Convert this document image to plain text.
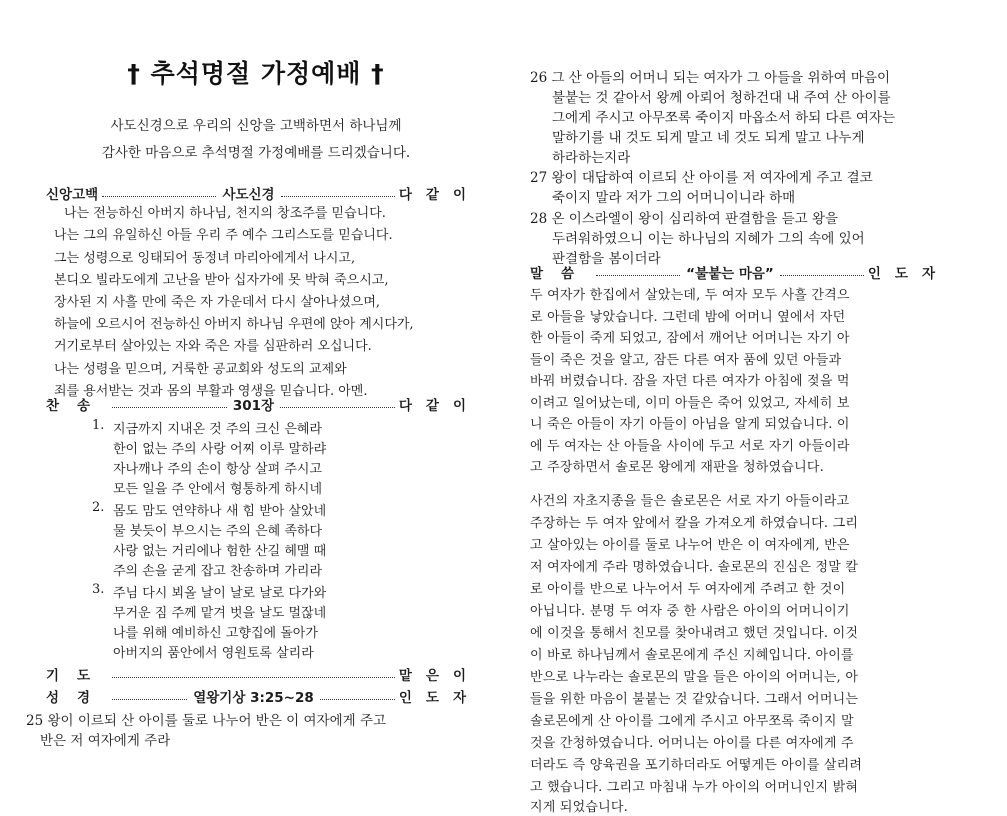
† 추석명절 가정예배 †
사도신경으로 우리의 신앙을 고백하면서 하나님께
감사한 마음으로 추석명절 가정예배를 드리겠습니다.
신앙고백	사도신경	다같이
나는 전능하신 아버지 하나님, 천지의 창조주를 믿습니다.
나는 그의 유일하신 아들 우리 주 예수 그리스도를 믿습니다.
그는 성령으로 잉태되어 동정녀 마리아에게서 나시고,
본디오 빌라도에게 고난을 받아 십자가에 못 박혀 죽으시고,
장사된 지 사흘 만에 죽은 자 가운데서 다시 살아나셨으며,
하늘에 오르시어 전능하신 아버지 하나님 우편에 앉아 계시다가,
거기로부터 살아있는 자와 죽은 자를 심판하러 오십니다.
나는 성령을 믿으며, 거룩한 공교회와 성도의 교제와
죄를 용서받는 것과 몸의 부활과 영생을 믿습니다. 아멘.
찬송	301장	다같이
1. 지금까지 지내온 것 주의 크신 은혜라
한이 없는 주의 사랑 어찌 이루 말하랴
자나깨나 주의 손이 항상 살펴 주시고
모든 일을 주 안에서 형통하게 하시네
2. 몸도 맘도 연약하나 새 힘 받아 살았네
물 붓듯이 부으시는 주의 은혜 족하다
사랑 없는 거리에나 험한 산길 헤맬 때
주의 손을 굳게 잡고 찬송하며 가리라
3. 주님 다시 뵈올 날이 날로 날로 다가와
무거운 짐 주께 맡겨 벗을 날도 멀잖네
나를 위해 예비하신 고향집에 돌아가
아버지의 품안에서 영원토록 살리라
기도	맡은이
성경	열왕기상 3:25~28	인도자
25 왕이 이르되 산 아이를 둘로 나누어 반은 이 여자에게 주고
반은 저 여자에게 주라
26 그 산 아들의 어머니 되는 여자가 그 아들을 위하여 마음이
불붙는 것 같아서 왕께 아뢰어 청하건대 내 주여 산 아이를
그에게 주시고 아무쪼록 죽이지 마옵소서 하되 다른 여자는
말하기를 내 것도 되게 말고 네 것도 되게 말고 나누게
하라하는지라
27 왕이 대답하여 이르되 산 아이를 저 여자에게 주고 결코
죽이지 말라 저가 그의 어머니이니라 하매
28 온 이스라엘이 왕이 심리하여 판결함을 듣고 왕을
두려워하였으니 이는 하나님의 지혜가 그의 속에 있어
판결함을 봄이더라
말씀	“불붙는 마음”	인도자
두 여자가 한집에서 살았는데, 두 여자 모두 사흘 간격으
로 아들을 낳았습니다. 그런데 밤에 어머니 옆에서 자던
한 아들이 죽게 되었고, 잠에서 깨어난 어머니는 자기 아
들이 죽은 것을 알고, 잠든 다른 여자 품에 있던 아들과
바꿔 버렸습니다. 잠을 자던 다른 여자가 아침에 젖을 먹
이려고 일어났는데, 이미 아들은 죽어 있었고, 자세히 보
니 죽은 아들이 자기 아들이 아님을 알게 되었습니다. 이
에 두 여자는 산 아들을 사이에 두고 서로 자기 아들이라
고 주장하면서 솔로몬 왕에게 재판을 청하였습니다.
사건의 자초지종을 들은 솔로몬은 서로 자기 아들이라고
주장하는 두 여자 앞에서 칼을 가져오게 하였습니다. 그리
고 살아있는 아이를 둘로 나누어 반은 이 여자에게, 반은
저 여자에게 주라 명하였습니다. 솔로몬의 진심은 정말 칼
로 아이를 반으로 나누어서 두 여자에게 주려고 한 것이
아닙니다. 분명 두 여자 중 한 사람은 아이의 어머니이기
에 이것을 통해서 친모를 찾아내려고 했던 것입니다. 이것
이 바로 하나님께서 솔로몬에게 주신 지혜입니다. 아이를
반으로 나누라는 솔로몬의 말을 들은 아이의 어머니는, 아
들을 위한 마음이 불붙는 것 같았습니다. 그래서 어머니는
솔로몬에게 산 아이를 그에게 주시고 아무쪼록 죽이지 말
것을 간청하였습니다. 어머니는 아이를 다른 여자에게 주
더라도 즉 양육권을 포기하더라도 어떻게든 아이를 살리려
고 했습니다. 그리고 마침내 누가 아이의 어머니인지 밝혀
지게 되었습니다.
